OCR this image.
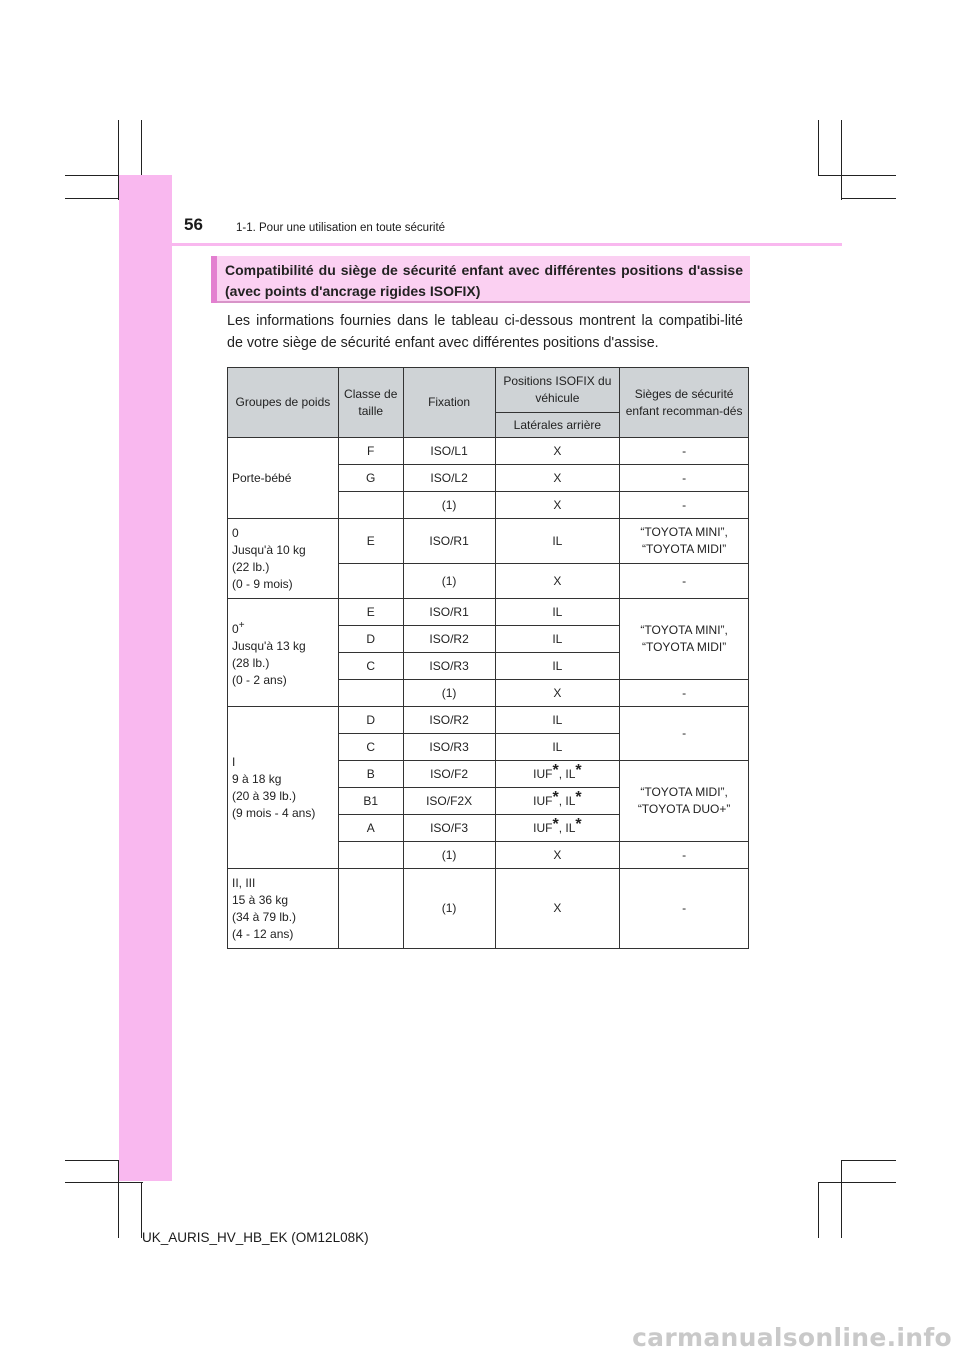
56	1-1. Pour une utilisation en toute sécurité
Compatibilité du siège de sécurité enfant avec différentes positions d'assise (avec points d'ancrage rigides ISOFIX)
Les informations fournies dans le tableau ci-dessous montrent la compatibi-lité de votre siège de sécurité enfant avec différentes positions d'assise.
Groupes de poids	Classe de taille	Fixation	Positions ISOFIX du véhicule	Sièges de sécurité enfant recomman-dés
			Latérales arrière	

Porte-bébé	F	ISO/L1	X	-
	G	ISO/L2	X	-
		(1)	X	-

0
Jusqu'à 10 kg
(22 lb.)
(0 - 9 mois)	E	ISO/R1	IL	“TOYOTA MINI”, “TOYOTA MIDI”
		(1)	X	-

0+
Jusqu'à 13 kg
(28 lb.)
(0 - 2 ans)	E	ISO/R1	IL	“TOYOTA MINI”, “TOYOTA MIDI”
	D	ISO/R2	IL	
	C	ISO/R3	IL	
		(1)	X	-

I
9 à 18 kg
(20 à 39 lb.)
(9 mois - 4 ans)	D	ISO/R2	IL	-
	C	ISO/R3	IL	
	B	ISO/F2	IUF*, IL*	“TOYOTA MIDI”, “TOYOTA DUO+”
	B1	ISO/F2X	IUF*, IL*	
	A	ISO/F3	IUF*, IL*	
		(1)	X	-

II, III
15 à 36 kg
(34 à 79 lb.)
(4 - 12 ans)		(1)	X	-
UK_AURIS_HV_HB_EK (OM12L08K)
carmanualsonline.info
